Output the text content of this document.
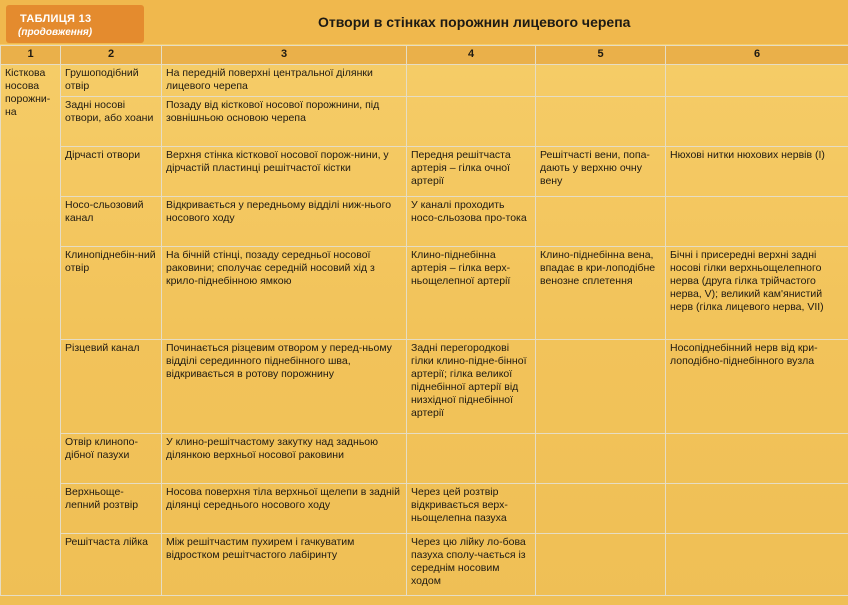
ТАБЛИЦЯ 13
(продовження)
Отвори в стінках порожнин лицевого черепа
1	2	3	4	5	6
Кісткова носова порожни-на	Грушоподібний отвір	На передній поверхні центральної ділянки лицевого черепа			
	Задні носові отвори, або хоани	Позаду від кісткової носової порожнини, під зовнішньою основою черепа			
	Дірчасті отвори	Верхня стінка кісткової носової порож-нини, у дірчастій пластинці решітчастої кістки	Передня решітчаста артерія – гілка очної артерії	Решітчасті вени, попа-дають у верхню очну вену	Нюхові нитки нюхових нервів (I)
	Носо-сльозовий канал	Відкривається у передньому відділі ниж-нього носового ходу	У каналі проходить носо-сльозова про-тока		
	Клинопіднебін-ний отвір	На бічній стінці, позаду середньої носової раковини; сполучає середній носовий хід з крило-піднебінною ямкою	Клино-піднебінна артерія – гілка верх-ньощелепної артерії	Клино-піднебінна вена, впадає в кри-лоподібне венозне сплетення	Бічні і присередні верхні задні носові гілки верхньощелепного нерва (друга гілка трійчастого нерва, V); великий кам'янистий нерв (гілка лицевого нерва, VII)
	Різцевий канал	Починається різцевим отвором у перед-ньому відділі серединного піднебінного шва, відкривається в ротову порожнину	Задні перегородкові гілки клино-підне-бінної артерії; гілка великої піднебінної артерії від низхідної піднебінної артерії		Носопіднебінний нерв від кри-лоподібно-піднебінного вузла
	Отвір клинопо-дібної пазухи	У клино-решітчастому закутку над задньою ділянкою верхньої носової раковини			
	Верхньоще-лепний розтвір	Носова поверхня тіла верхньої щелепи в задній ділянці середнього носового ходу	Через цей розтвір відкривається верх-ньощелепна пазуха		
	Решітчаста лійка	Між решітчастим пухирем і гачкуватим відростком решітчастого лабіринту	Через цю лійку ло-бова пазуха сполу-чається із середнім носовим ходом		
